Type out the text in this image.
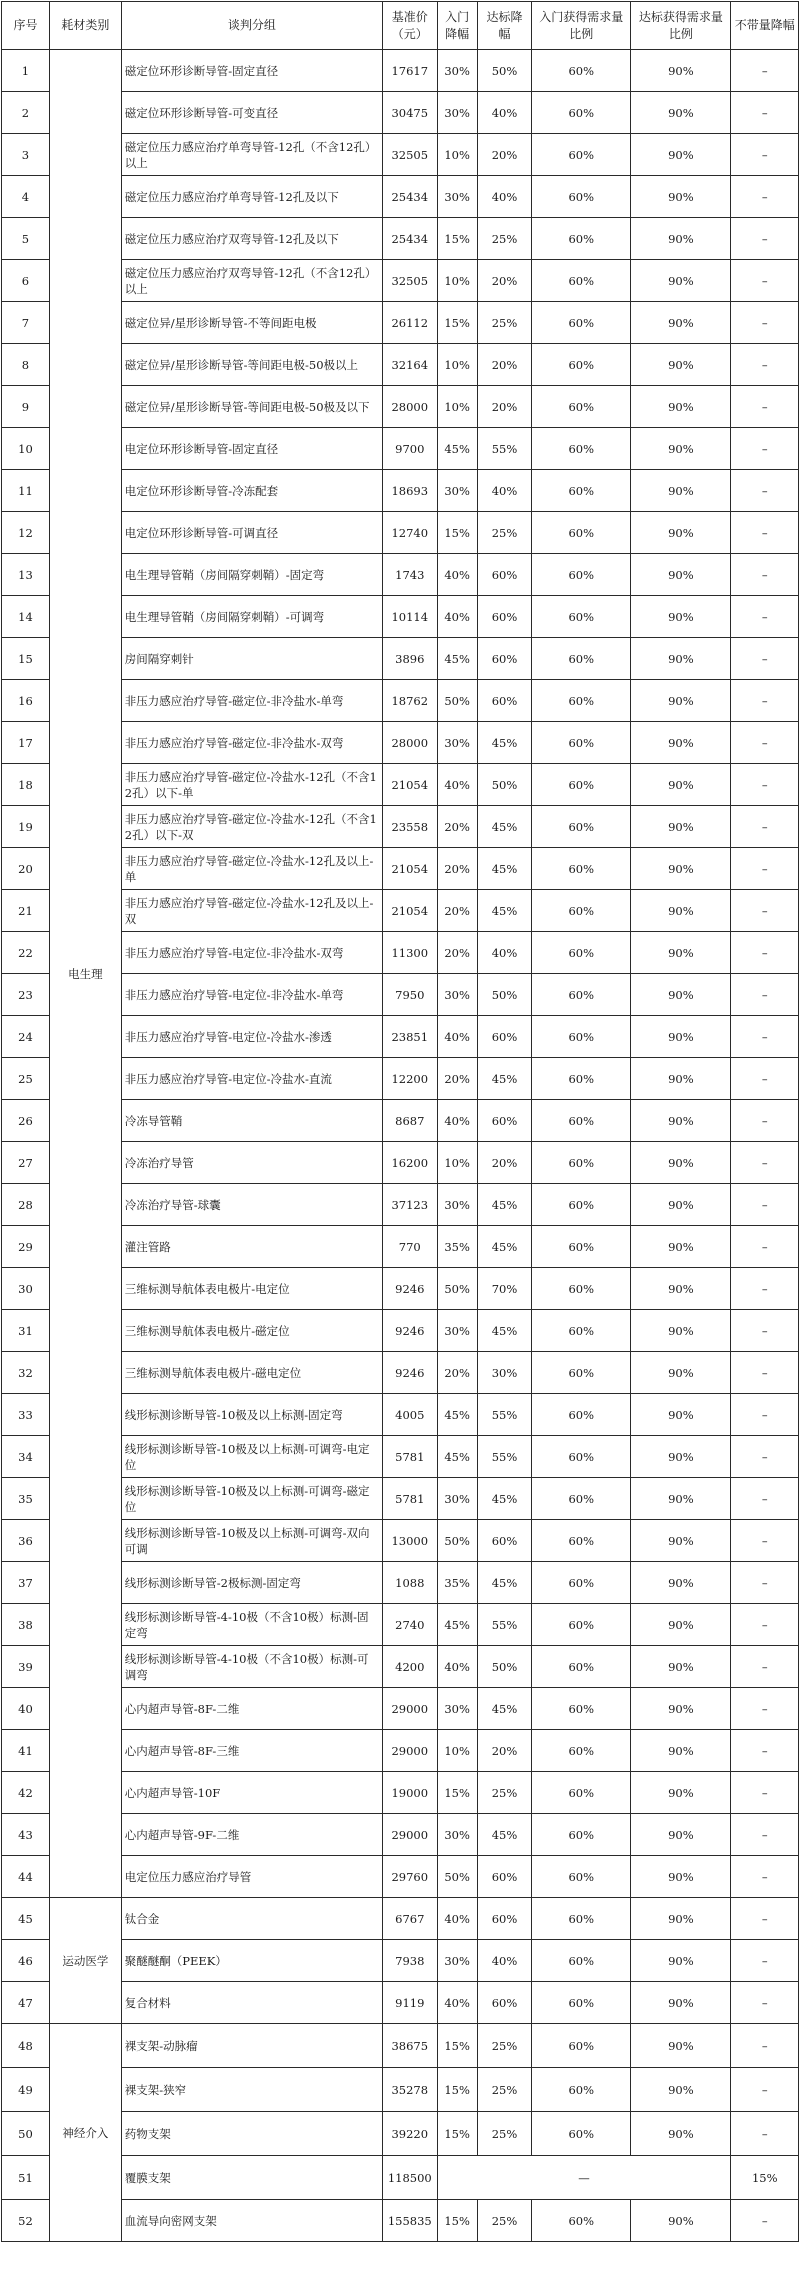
序号	耗材类别	谈判分组	基准价（元）	入门降幅	达标降幅	入门获得需求量比例	达标获得需求量比例	不带量降幅
1	电生理	磁定位环形诊断导管-固定直径	17617	30%	50%	60%	90%	–
2		磁定位环形诊断导管-可变直径	30475	30%	40%	60%	90%	–
3		磁定位压力感应治疗单弯导管-12孔（不含12孔）以上	32505	10%	20%	60%	90%	–
4		磁定位压力感应治疗单弯导管-12孔及以下	25434	30%	40%	60%	90%	–
5		磁定位压力感应治疗双弯导管-12孔及以下	25434	15%	25%	60%	90%	–
6		磁定位压力感应治疗双弯导管-12孔（不含12孔）以上	32505	10%	20%	60%	90%	–
7		磁定位异/星形诊断导管-不等间距电极	26112	15%	25%	60%	90%	–
8		磁定位异/星形诊断导管-等间距电极-50极以上	32164	10%	20%	60%	90%	–
9		磁定位异/星形诊断导管-等间距电极-50极及以下	28000	10%	20%	60%	90%	–
10		电定位环形诊断导管-固定直径	9700	45%	55%	60%	90%	–
11		电定位环形诊断导管-冷冻配套	18693	30%	40%	60%	90%	–
12		电定位环形诊断导管-可调直径	12740	15%	25%	60%	90%	–
13		电生理导管鞘（房间隔穿刺鞘）-固定弯	1743	40%	60%	60%	90%	–
14		电生理导管鞘（房间隔穿刺鞘）-可调弯	10114	40%	60%	60%	90%	–
15		房间隔穿刺针	3896	45%	60%	60%	90%	–
16		非压力感应治疗导管-磁定位-非冷盐水-单弯	18762	50%	60%	60%	90%	–
17		非压力感应治疗导管-磁定位-非冷盐水-双弯	28000	30%	45%	60%	90%	–
18		非压力感应治疗导管-磁定位-冷盐水-12孔（不含12孔）以下-单	21054	40%	50%	60%	90%	–
19		非压力感应治疗导管-磁定位-冷盐水-12孔（不含12孔）以下-双	23558	20%	45%	60%	90%	–
20		非压力感应治疗导管-磁定位-冷盐水-12孔及以上-单	21054	20%	45%	60%	90%	–
21		非压力感应治疗导管-磁定位-冷盐水-12孔及以上-双	21054	20%	45%	60%	90%	–
22		非压力感应治疗导管-电定位-非冷盐水-双弯	11300	20%	40%	60%	90%	–
23		非压力感应治疗导管-电定位-非冷盐水-单弯	7950	30%	50%	60%	90%	–
24		非压力感应治疗导管-电定位-冷盐水-渗透	23851	40%	60%	60%	90%	–
25		非压力感应治疗导管-电定位-冷盐水-直流	12200	20%	45%	60%	90%	–
26		冷冻导管鞘	8687	40%	60%	60%	90%	–
27		冷冻治疗导管	16200	10%	20%	60%	90%	–
28		冷冻治疗导管-球囊	37123	30%	45%	60%	90%	–
29		灌注管路	770	35%	45%	60%	90%	–
30		三维标测导航体表电极片-电定位	9246	50%	70%	60%	90%	–
31		三维标测导航体表电极片-磁定位	9246	30%	45%	60%	90%	–
32		三维标测导航体表电极片-磁电定位	9246	20%	30%	60%	90%	–
33		线形标测诊断导管-10极及以上标测-固定弯	4005	45%	55%	60%	90%	–
34		线形标测诊断导管-10极及以上标测-可调弯-电定位	5781	45%	55%	60%	90%	–
35		线形标测诊断导管-10极及以上标测-可调弯-磁定位	5781	30%	45%	60%	90%	–
36		线形标测诊断导管-10极及以上标测-可调弯-双向可调	13000	50%	60%	60%	90%	–
37		线形标测诊断导管-2极标测-固定弯	1088	35%	45%	60%	90%	–
38		线形标测诊断导管-4-10极（不含10极）标测-固定弯	2740	45%	55%	60%	90%	–
39		线形标测诊断导管-4-10极（不含10极）标测-可调弯	4200	40%	50%	60%	90%	–
40		心内超声导管-8F-二维	29000	30%	45%	60%	90%	–
41		心内超声导管-8F-三维	29000	10%	20%	60%	90%	–
42		心内超声导管-10F	19000	15%	25%	60%	90%	–
43		心内超声导管-9F-二维	29000	30%	45%	60%	90%	–
44		电定位压力感应治疗导管	29760	50%	60%	60%	90%	–
45	运动医学	钛合金	6767	40%	60%	60%	90%	–
46		聚醚醚酮（PEEK）	7938	30%	40%	60%	90%	–
47		复合材料	9119	40%	60%	60%	90%	–
48	神经介入	裸支架-动脉瘤	38675	15%	25%	60%	90%	–
49		裸支架-狭窄	35278	15%	25%	60%	90%	–
50		药物支架	39220	15%	25%	60%	90%	–
51		覆膜支架	118500	—				15%
52		血流导向密网支架	155835	15%	25%	60%	90%	–
